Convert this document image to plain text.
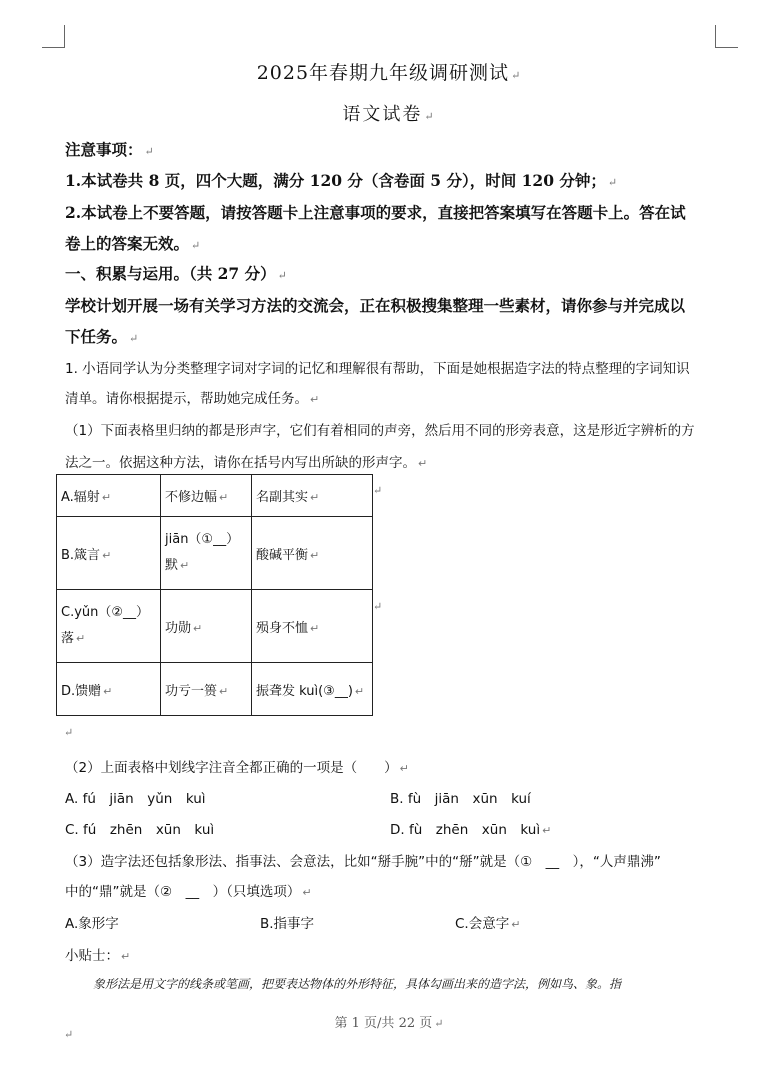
2025年春期九年级调研测试 ↵
语文试卷 ↵
注意事项： ↵
1.本试卷共 8 页，四个大题，满分 120 分（含卷面 5 分），时间 120 分钟； ↵
2.本试卷上不要答题，请按答题卡上注意事项的要求，直接把答案填写在答题卡上。答在试
卷上的答案无效。 ↵
一、积累与运用。（共 27 分） ↵
学校计划开展一场有关学习方法的交流会，正在积极搜集整理一些素材，请你参与并完成以
下任务。 ↵
1. 小语同学认为分类整理字词对字词的记忆和理解很有帮助，下面是她根据造字法的特点整理的字词知识
清单。请你根据提示，帮助她完成任务。 ↵
（1）下面表格里归纳的都是形声字，它们有着相同的声旁，然后用不同的形旁表意，这是形近字辨析的方
法之一。依据这种方法，请你在括号内写出所缺的形声字。 ↵
A.辐射 ↵	不修边幅 ↵	名副其实 ↵
B.箴言 ↵	jiān（①__）默 ↵	酸碱平衡 ↵
C.yǔn（②__）落 ↵	功勋 ↵	殒身不恤 ↵
D.馈赠 ↵	功亏一篑 ↵	振聋发 kuì(③__) ↵
↵
↵
↵
（2）上面表格中划线字注音全都正确的一项是（　　） ↵
A. fú　jiān　yǔn　kuì	B. fù　jiān　xūn　kuí
C. fú　zhēn　xūn　kuì	D. fù　zhēn　xūn　kuì ↵
（3）造字法还包括象形法、指事法、会意法，比如“掰手腕”中的“掰”就是（①　__　），“人声鼎沸”
中的“鼎”就是（②　__　）（只填选项） ↵
A.象形字	B.指事字	C.会意字 ↵
小贴士： ↵
象形法是用文字的线条或笔画，把要表达物体的外形特征，具体勾画出来的造字法，例如鸟、象。指
第 1 页/共 22 页 ↵
↵
